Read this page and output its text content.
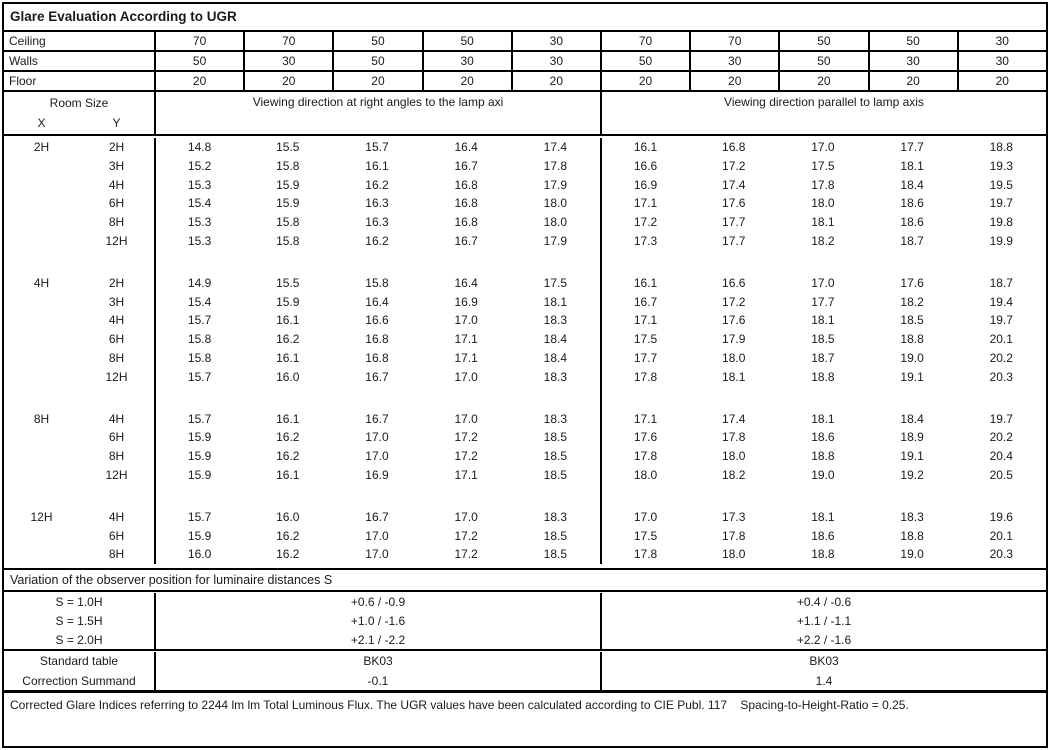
Glare Evaluation According to UGR
Ceiling	70	70	50	50	30	70	70	50	50	30
Walls	50	30	50	30	30	50	30	50	30	30
Floor	20	20	20	20	20	20	20	20	20	20
Room Size
X	Y
Viewing direction at right angles to the lamp axi	Viewing direction parallel to lamp axis
2H	2H	14.8	15.5	15.7	16.4	17.4	16.1	16.8	17.0	17.7	18.8
3H	15.2	15.8	16.1	16.7	17.8	16.6	17.2	17.5	18.1	19.3
4H	15.3	15.9	16.2	16.8	17.9	16.9	17.4	17.8	18.4	19.5
6H	15.4	15.9	16.3	16.8	18.0	17.1	17.6	18.0	18.6	19.7
8H	15.3	15.8	16.3	16.8	18.0	17.2	17.7	18.1	18.6	19.8
12H	15.3	15.8	16.2	16.7	17.9	17.3	17.7	18.2	18.7	19.9
4H	2H	14.9	15.5	15.8	16.4	17.5	16.1	16.6	17.0	17.6	18.7
3H	15.4	15.9	16.4	16.9	18.1	16.7	17.2	17.7	18.2	19.4
4H	15.7	16.1	16.6	17.0	18.3	17.1	17.6	18.1	18.5	19.7
6H	15.8	16.2	16.8	17.1	18.4	17.5	17.9	18.5	18.8	20.1
8H	15.8	16.1	16.8	17.1	18.4	17.7	18.0	18.7	19.0	20.2
12H	15.7	16.0	16.7	17.0	18.3	17.8	18.1	18.8	19.1	20.3
8H	4H	15.7	16.1	16.7	17.0	18.3	17.1	17.4	18.1	18.4	19.7
6H	15.9	16.2	17.0	17.2	18.5	17.6	17.8	18.6	18.9	20.2
8H	15.9	16.2	17.0	17.2	18.5	17.8	18.0	18.8	19.1	20.4
12H	15.9	16.1	16.9	17.1	18.5	18.0	18.2	19.0	19.2	20.5
12H	4H	15.7	16.0	16.7	17.0	18.3	17.0	17.3	18.1	18.3	19.6
6H	15.9	16.2	17.0	17.2	18.5	17.5	17.8	18.6	18.8	20.1
8H	16.0	16.2	17.0	17.2	18.5	17.8	18.0	18.8	19.0	20.3
Variation of the observer position for luminaire distances S
S = 1.0H	+0.6 / -0.9	+0.4 / -0.6
S = 1.5H	+1.0 / -1.6	+1.1 / -1.1
S = 2.0H	+2.1 / -2.2	+2.2 / -1.6
Standard table	BK03	BK03
Correction Summand	-0.1	1.4
Corrected Glare Indices referring to 2244 lm lm Total Luminous Flux. The UGR values have been calculated according to CIE Publ. 117    Spacing-to-Height-Ratio = 0.25.
